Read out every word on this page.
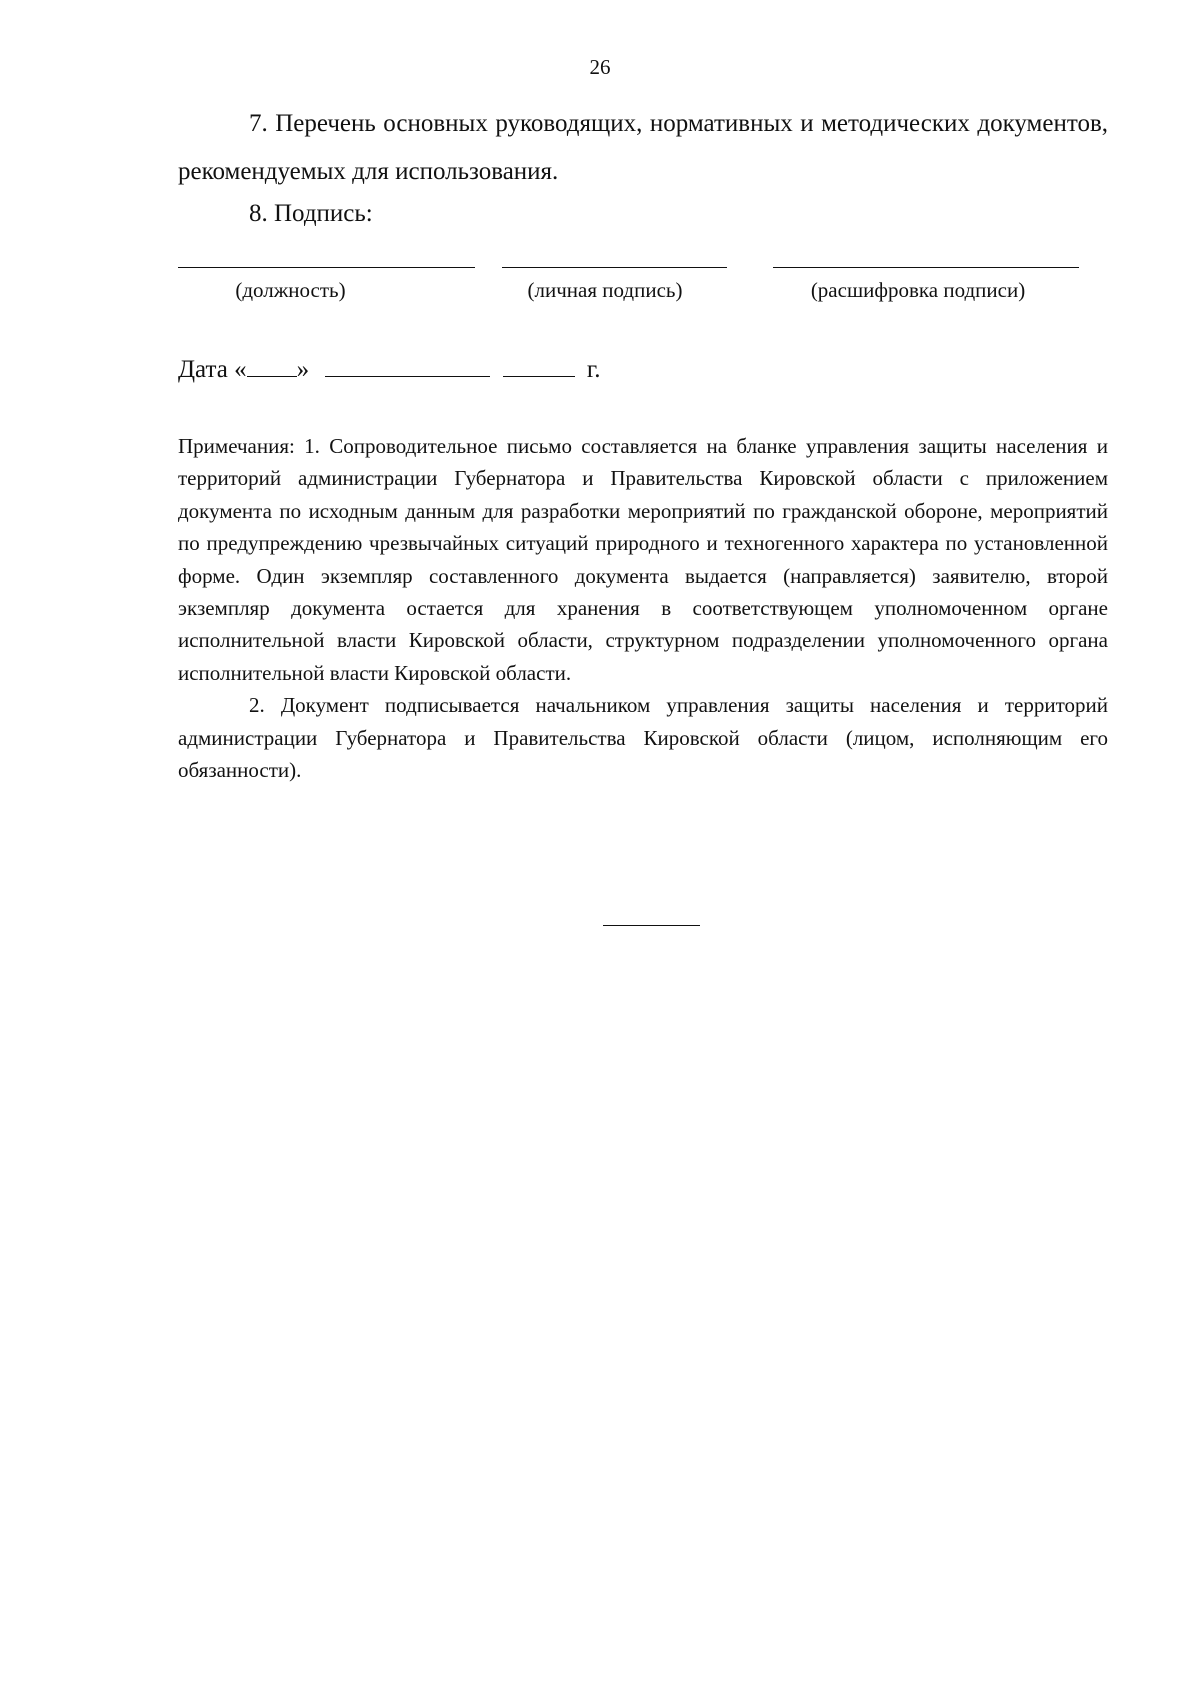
26

7. Перечень основных руководящих, нормативных и методических документов, рекомендуемых для использования.

8. Подпись:

(должность)	(личная подпись)	(расшифровка подписи)
Дата « »	г.

Примечания: 1. Сопроводительное письмо составляется на бланке управления защиты населения и территорий администрации Губернатора и Правительства Кировской области с приложением документа по исходным данным для разработки мероприятий по гражданской обороне, мероприятий по предупреждению чрезвычайных ситуаций природного и техногенного характера по установленной форме. Один экземпляр составленного документа выдается (направляется) заявителю, второй экземпляр документа остается для хранения в соответствующем уполномоченном органе исполнительной власти Кировской области, структурном подразделении уполномоченного органа исполнительной власти Кировской области.

2. Документ подписывается начальником управления защиты населения и территорий администрации Губернатора и Правительства Кировской области (лицом, исполняющим его обязанности).
